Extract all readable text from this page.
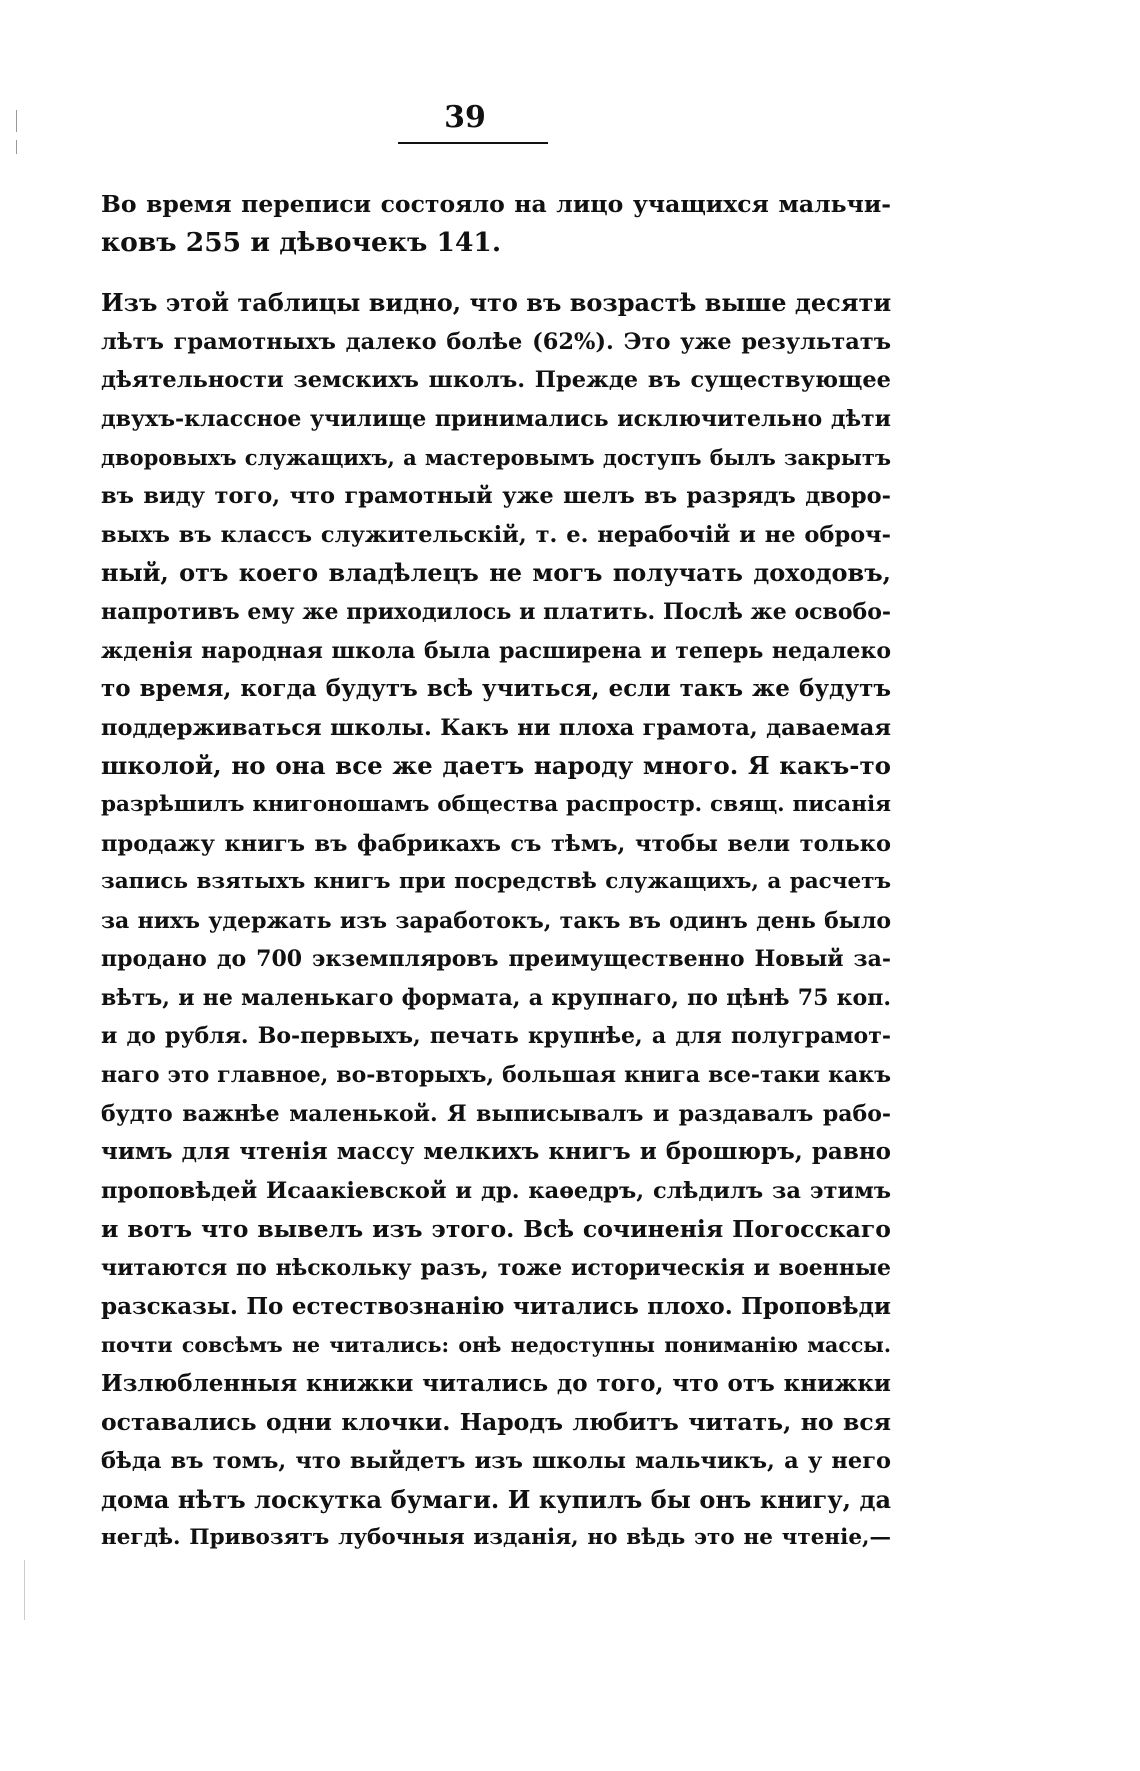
39
Во время переписи состояло на лицо учащихся мальчи-
ковъ 255 и дѣвочекъ 141.
Изъ этой таблицы видно, что въ возрастѣ выше десяти
лѣтъ грамотныхъ далеко болѣе (62%). Это уже результатъ
дѣятельности земскихъ школъ. Прежде въ существующее
двухъ-классное училище принимались исключительно дѣти
дворовыхъ служащихъ, а мастеровымъ доступъ былъ закрытъ
въ виду того, что грамотный уже шелъ въ разрядъ дворо-
выхъ въ классъ служительскій, т. е. нерабочій и не оброч-
ный, отъ коего владѣлецъ не могъ получать доходовъ,
напротивъ ему же приходилось и платить. Послѣ же освобо-
жденія народная школа была расширена и теперь недалеко
то время, когда будутъ всѣ учиться, если такъ же будутъ
поддерживаться школы. Какъ ни плоха грамота, даваемая
школой, но она все же даетъ народу много. Я какъ-то
разрѣшилъ книгоношамъ общества распростр. свящ. писанія
продажу книгъ въ фабрикахъ съ тѣмъ, чтобы вели только
запись взятыхъ книгъ при посредствѣ служащихъ, а расчетъ
за нихъ удержать изъ заработокъ, такъ въ одинъ день было
продано до 700 экземпляровъ преимущественно Новый за-
вѣтъ, и не маленькаго формата, а крупнаго, по цѣнѣ 75 коп.
и до рубля. Во-первыхъ, печать крупнѣе, а для полуграмот-
наго это главное, во-вторыхъ, большая книга все-таки какъ
будто важнѣе маленькой. Я выписывалъ и раздавалъ рабо-
чимъ для чтенія массу мелкихъ книгъ и брошюръ, равно
проповѣдей Исаакіевской и др. каѳедръ, слѣдилъ за этимъ
и вотъ что вывелъ изъ этого. Всѣ сочиненія Погосскаго
читаются по нѣскольку разъ, тоже историческія и военные
разсказы. По естествознанію читались плохо. Проповѣди
почти совсѣмъ не читались: онѣ недоступны пониманію массы.
Излюбленныя книжки читались до того, что отъ книжки
оставались одни клочки. Народъ любитъ читать, но вся
бѣда въ томъ, что выйдетъ изъ школы мальчикъ, а у него
дома нѣтъ лоскутка бумаги. И купилъ бы онъ книгу, да
негдѣ. Привозятъ лубочныя изданія, но вѣдь это не чтеніе,—
